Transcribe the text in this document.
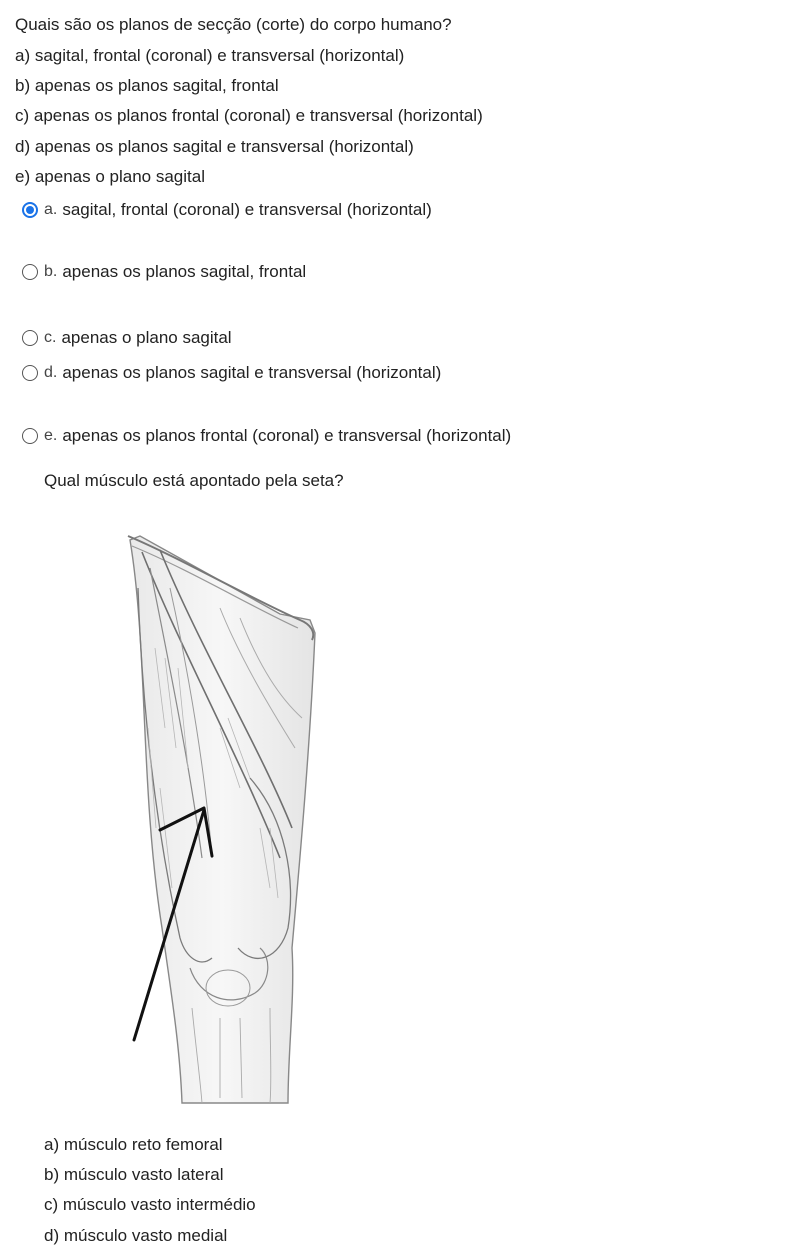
Quais são os planos de secção (corte) do corpo humano?
a) sagital, frontal (coronal) e transversal (horizontal)
b) apenas os planos sagital, frontal
c) apenas os planos frontal (coronal) e transversal (horizontal)
d) apenas os planos sagital e transversal (horizontal)
e) apenas o plano sagital
a. sagital, frontal (coronal) e transversal (horizontal)
b. apenas os planos sagital, frontal
c. apenas o plano sagital
d. apenas os planos sagital e transversal (horizontal)
e. apenas os planos frontal (coronal) e transversal (horizontal)
Qual músculo está apontado pela seta?
a) músculo reto femoral
b) músculo vasto lateral
c) músculo vasto intermédio
d) músculo vasto medial
